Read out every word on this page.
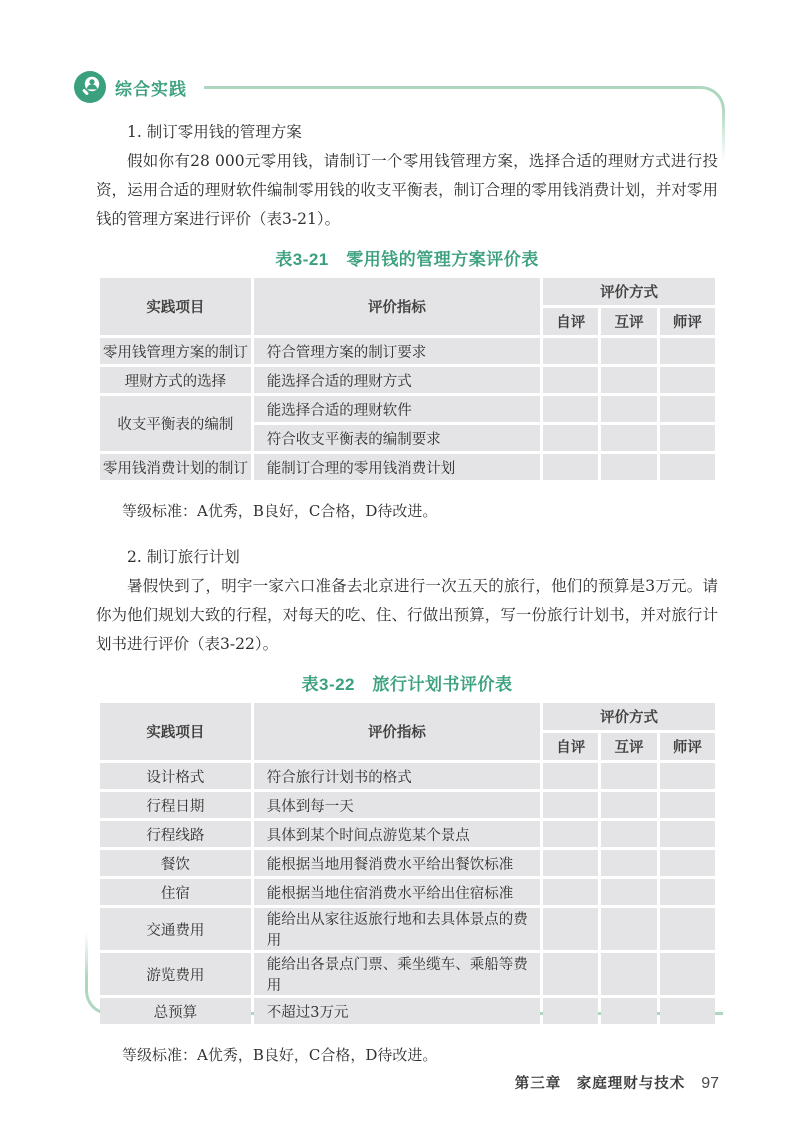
综合实践

1. 制订零用钱的管理方案

假如你有28 000元零用钱，请制订一个零用钱管理方案，选择合适的理财方式进行投资，运用合适的理财软件编制零用钱的收支平衡表，制订合理的零用钱消费计划，并对零用钱的管理方案进行评价（表3-21）。

表3-21　零用钱的管理方案评价表
实践项目	评价指标	评价方式		
		自评	互评	师评
零用钱管理方案的制订	符合管理方案的制订要求			
理财方式的选择	能选择合适的理财方式			
收支平衡表的编制	能选择合适的理财软件			
	符合收支平衡表的编制要求			
零用钱消费计划的制订	能制订合理的零用钱消费计划			

等级标准：A优秀，B良好，C合格，D待改进。

2. 制订旅行计划

暑假快到了，明宇一家六口准备去北京进行一次五天的旅行，他们的预算是3万元。请你为他们规划大致的行程，对每天的吃、住、行做出预算，写一份旅行计划书，并对旅行计划书进行评价（表3-22）。

表3-22　旅行计划书评价表
实践项目	评价指标	评价方式		
		自评	互评	师评
设计格式	符合旅行计划书的格式			
行程日期	具体到每一天			
行程线路	具体到某个时间点游览某个景点			
餐饮	能根据当地用餐消费水平给出餐饮标准			
住宿	能根据当地住宿消费水平给出住宿标准			
交通费用	能给出从家往返旅行地和去具体景点的费用			
游览费用	能给出各景点门票、乘坐缆车、乘船等费用			
总预算	不超过3万元			

等级标准：A优秀，B良好，C合格，D待改进。

第三章　家庭理财与技术 97
